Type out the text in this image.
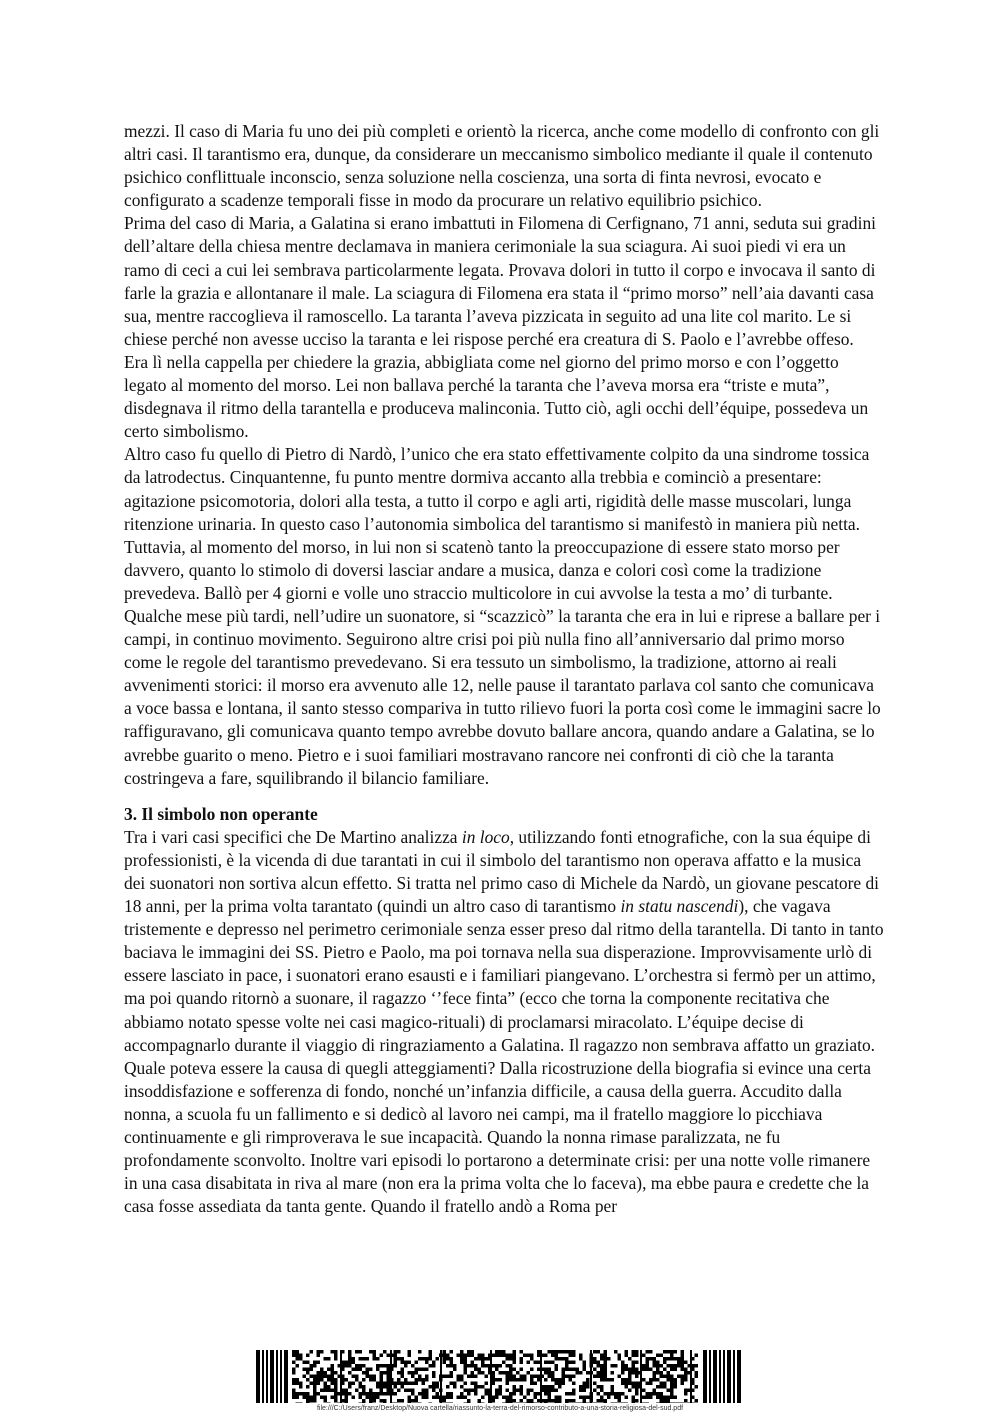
mezzi. Il caso di Maria fu uno dei più completi e orientò la ricerca, anche come modello di confronto con gli altri casi. Il tarantismo era, dunque, da considerare un meccanismo simbolico mediante il quale il contenuto psichico conflittuale inconscio, senza soluzione nella coscienza, una sorta di finta nevrosi, evocato e configurato a scadenze temporali fisse in modo da procurare un relativo equilibrio psichico.

Prima del caso di Maria, a Galatina si erano imbattuti in Filomena di Cerfignano, 71 anni, seduta sui gradini dell’altare della chiesa mentre declamava in maniera cerimoniale la sua sciagura. Ai suoi piedi vi era un ramo di ceci a cui lei sembrava particolarmente legata. Provava dolori in tutto il corpo e invocava il santo di farle la grazia e allontanare il male. La sciagura di Filomena era stata il “primo morso” nell’aia davanti casa sua, mentre raccoglieva il ramoscello. La taranta l’aveva pizzicata in seguito ad una lite col marito. Le si chiese perché non avesse ucciso la taranta e lei rispose perché era creatura di S. Paolo e l’avrebbe offeso.

Era lì nella cappella per chiedere la grazia, abbigliata come nel giorno del primo morso e con l’oggetto legato al momento del morso. Lei non ballava perché la taranta che l’aveva morsa era “triste e muta”, disdegnava il ritmo della tarantella e produceva malinconia. Tutto ciò, agli occhi dell’équipe, possedeva un certo simbolismo.

Altro caso fu quello di Pietro di Nardò, l’unico che era stato effettivamente colpito da una sindrome tossica da latrodectus. Cinquantenne, fu punto mentre dormiva accanto alla trebbia e cominciò a presentare: agitazione psicomotoria, dolori alla testa, a tutto il corpo e agli arti, rigidità delle masse muscolari, lunga ritenzione urinaria. In questo caso l’autonomia simbolica del tarantismo si manifestò in maniera più netta. Tuttavia, al momento del morso, in lui non si scatenò tanto la preoccupazione di essere stato morso per davvero, quanto lo stimolo di doversi lasciar andare a musica, danza e colori così come la tradizione prevedeva. Ballò per 4 giorni e volle uno straccio multicolore in cui avvolse la testa a mo’ di turbante. Qualche mese più tardi, nell’udire un suonatore, si “scazzicò” la taranta che era in lui e riprese a ballare per i campi, in continuo movimento. Seguirono altre crisi poi più nulla fino all’anniversario dal primo morso come le regole del tarantismo prevedevano. Si era tessuto un simbolismo, la tradizione, attorno ai reali avvenimenti storici: il morso era avvenuto alle 12, nelle pause il tarantato parlava col santo che comunicava a voce bassa e lontana, il santo stesso compariva in tutto rilievo fuori la porta così come le immagini sacre lo raffiguravano, gli comunicava quanto tempo avrebbe dovuto ballare ancora, quando andare a Galatina, se lo avrebbe guarito o meno. Pietro e i suoi familiari mostravano rancore nei confronti di ciò che la taranta costringeva a fare, squilibrando il bilancio familiare.

3. Il simbolo non operante

Tra i vari casi specifici che De Martino analizza in loco, utilizzando fonti etnografiche, con la sua équipe di professionisti, è la vicenda di due tarantati in cui il simbolo del tarantismo non operava affatto e la musica dei suonatori non sortiva alcun effetto. Si tratta nel primo caso di Michele da Nardò, un giovane pescatore di 18 anni, per la prima volta tarantato (quindi un altro caso di tarantismo in statu nascendi), che vagava tristemente e depresso nel perimetro cerimoniale senza esser preso dal ritmo della tarantella. Di tanto in tanto baciava le immagini dei SS. Pietro e Paolo, ma poi tornava nella sua disperazione. Improvvisamente urlò di essere lasciato in pace, i suonatori erano esausti e i familiari piangevano. L’orchestra si fermò per un attimo, ma poi quando ritornò a suonare, il ragazzo ‘’fece finta” (ecco che torna la componente recitativa che abbiamo notato spesse volte nei casi magico-rituali) di proclamarsi miracolato. L’équipe decise di accompagnarlo durante il viaggio di ringraziamento a Galatina. Il ragazzo non sembrava affatto un graziato. Quale poteva essere la causa di quegli atteggiamenti? Dalla ricostruzione della biografia si evince una certa insoddisfazione e sofferenza di fondo, nonché un’infanzia difficile, a causa della guerra. Accudito dalla nonna, a scuola fu un fallimento e si dedicò al lavoro nei campi, ma il fratello maggiore lo picchiava continuamente e gli rimproverava le sue incapacità. Quando la nonna rimase paralizzata, ne fu profondamente sconvolto. Inoltre vari episodi lo portarono a determinate crisi: per una notte volle rimanere in una casa disabitata in riva al mare (non era la prima volta che lo faceva), ma ebbe paura e credette che la casa fosse assediata da tanta gente. Quando il fratello andò a Roma per

file:///C:/Users/franz/Desktop/Nuova cartella/riassunto-la-terra-del-rimorso-contributo-a-una-storia-religiosa-del-sud.pdf
